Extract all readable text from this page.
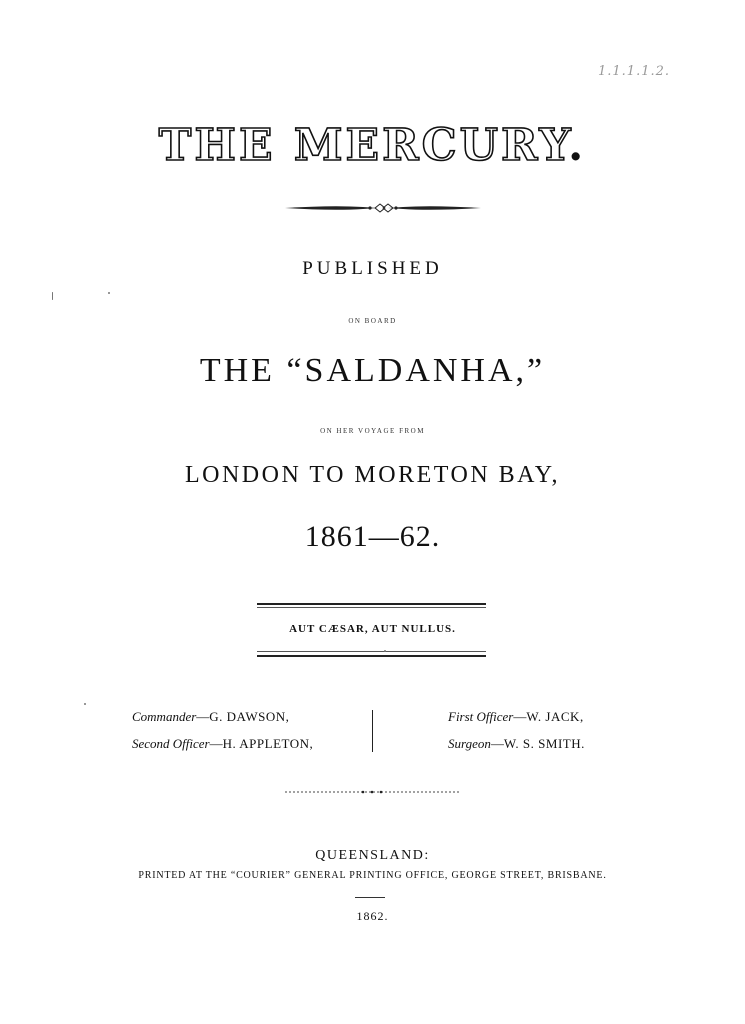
1.1.1.1.2.
THE MERCURY.
PUBLISHED
ON BOARD
THE “SALDANHA,”
ON HER VOYAGE FROM
LONDON TO MORETON BAY,
1861—62.
AUT CÆSAR, AUT NULLUS.
Commander—G. DAWSON,
Second Officer—H. APPLETON,
First Officer—W. JACK,
Surgeon—W. S. SMITH.
QUEENSLAND:
PRINTED AT THE “COURIER” GENERAL PRINTING OFFICE, GEORGE STREET, BRISBANE.
1862.
